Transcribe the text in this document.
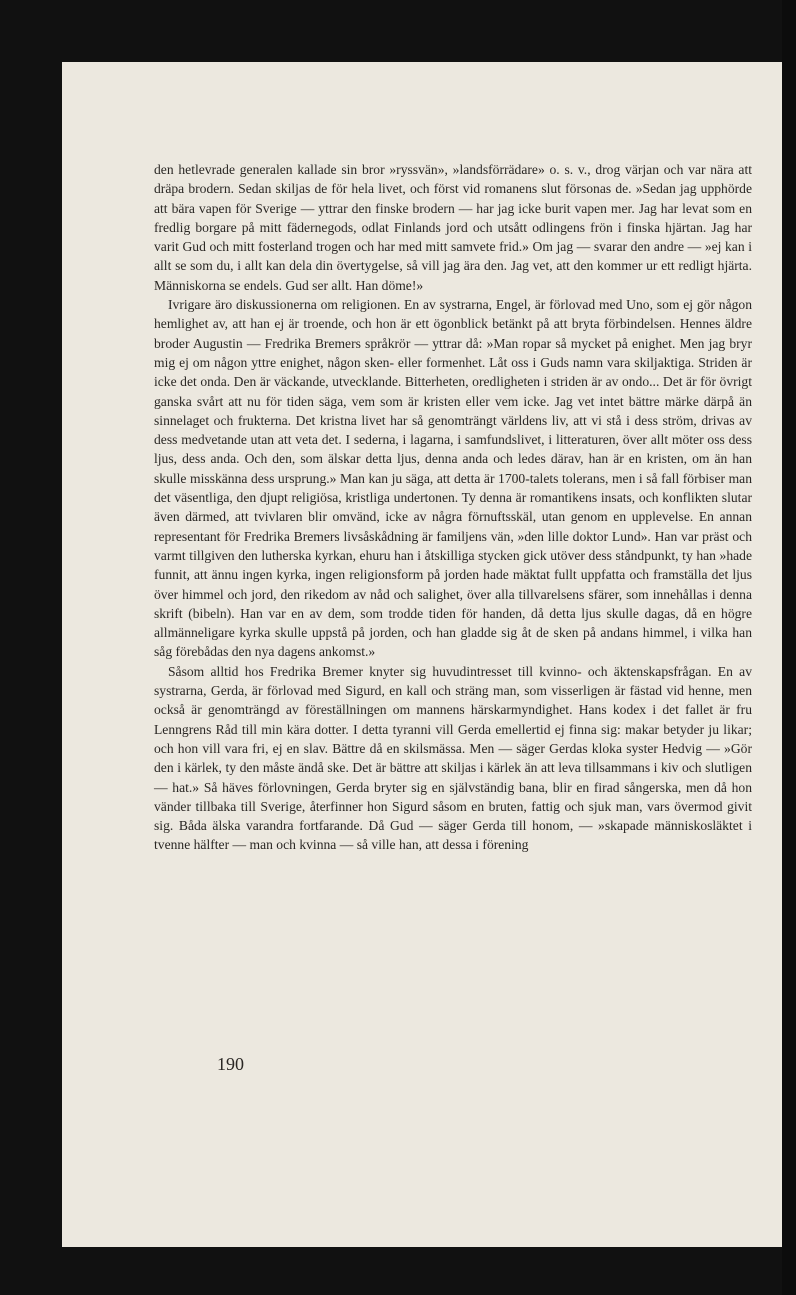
den hetlevrade generalen kallade sin bror »ryssvän», »landsförrädare» o. s. v., drog värjan och var nära att dräpa brodern. Sedan skiljas de för hela livet, och först vid romanens slut försonas de. »Sedan jag upphörde att bära vapen för Sverige — yttrar den finske brodern — har jag icke burit vapen mer. Jag har levat som en fredlig borgare på mitt fädernegods, odlat Finlands jord och utsått odlingens frön i finska hjärtan. Jag har varit Gud och mitt fosterland trogen och har med mitt samvete frid.» Om jag — svarar den andre — »ej kan i allt se som du, i allt kan dela din övertygelse, så vill jag ära den. Jag vet, att den kommer ur ett redligt hjärta. Människorna se endels. Gud ser allt. Han döme!»

Ivrigare äro diskussionerna om religionen. En av systrarna, Engel, är förlovad med Uno, som ej gör någon hemlighet av, att han ej är troende, och hon är ett ögonblick betänkt på att bryta förbindelsen. Hennes äldre broder Augustin — Fredrika Bremers språkrör — yttrar då: »Man ropar så mycket på enighet. Men jag bryr mig ej om någon yttre enighet, någon sken- eller formenhet. Låt oss i Guds namn vara skiljaktiga. Striden är icke det onda. Den är väckande, utvecklande. Bitterheten, oredligheten i striden är av ondo... Det är för övrigt ganska svårt att nu för tiden säga, vem som är kristen eller vem icke. Jag vet intet bättre märke därpå än sinnelaget och frukterna. Det kristna livet har så genomträngt världens liv, att vi stå i dess ström, drivas av dess medvetande utan att veta det. I sederna, i lagarna, i samfundslivet, i litteraturen, över allt möter oss dess ljus, dess anda. Och den, som älskar detta ljus, denna anda och ledes därav, han är en kristen, om än han skulle misskänna dess ursprung.» Man kan ju säga, att detta är 1700-talets tolerans, men i så fall förbiser man det väsentliga, den djupt religiösa, kristliga undertonen. Ty denna är romantikens insats, och konflikten slutar även därmed, att tvivlaren blir omvänd, icke av några förnuftsskäl, utan genom en upplevelse. En annan representant för Fredrika Bremers livsåskådning är familjens vän, »den lille doktor Lund». Han var präst och varmt tillgiven den lutherska kyrkan, ehuru han i åtskilliga stycken gick utöver dess ståndpunkt, ty han »hade funnit, att ännu ingen kyrka, ingen religionsform på jorden hade mäktat fullt uppfatta och framställa det ljus över himmel och jord, den rikedom av nåd och salighet, över alla tillvarelsens sfärer, som innehållas i denna skrift (bibeln). Han var en av dem, som trodde tiden för handen, då detta ljus skulle dagas, då en högre allmänneligare kyrka skulle uppstå på jorden, och han gladde sig åt de sken på andans himmel, i vilka han såg förebådas den nya dagens ankomst.»

Såsom alltid hos Fredrika Bremer knyter sig huvudintresset till kvinno- och äktenskapsfrågan. En av systrarna, Gerda, är förlovad med Sigurd, en kall och sträng man, som visserligen är fästad vid henne, men också är genomträngd av föreställningen om mannens härskarmyndighet. Hans kodex i det fallet är fru Lenngrens Råd till min kära dotter. I detta tyranni vill Gerda emellertid ej finna sig: makar betyder ju likar; och hon vill vara fri, ej en slav. Bättre då en skilsmässa. Men — säger Gerdas kloka syster Hedvig — »Gör den i kärlek, ty den måste ändå ske. Det är bättre att skiljas i kärlek än att leva tillsammans i kiv och slutligen — hat.» Så häves förlovningen, Gerda bryter sig en självständig bana, blir en firad sångerska, men då hon vänder tillbaka till Sverige, återfinner hon Sigurd såsom en bruten, fattig och sjuk man, vars övermod givit sig. Båda älska varandra fortfarande. Då Gud — säger Gerda till honom, — »skapade människosläktet i tvenne hälfter — man och kvinna — så ville han, att dessa i förening

190
